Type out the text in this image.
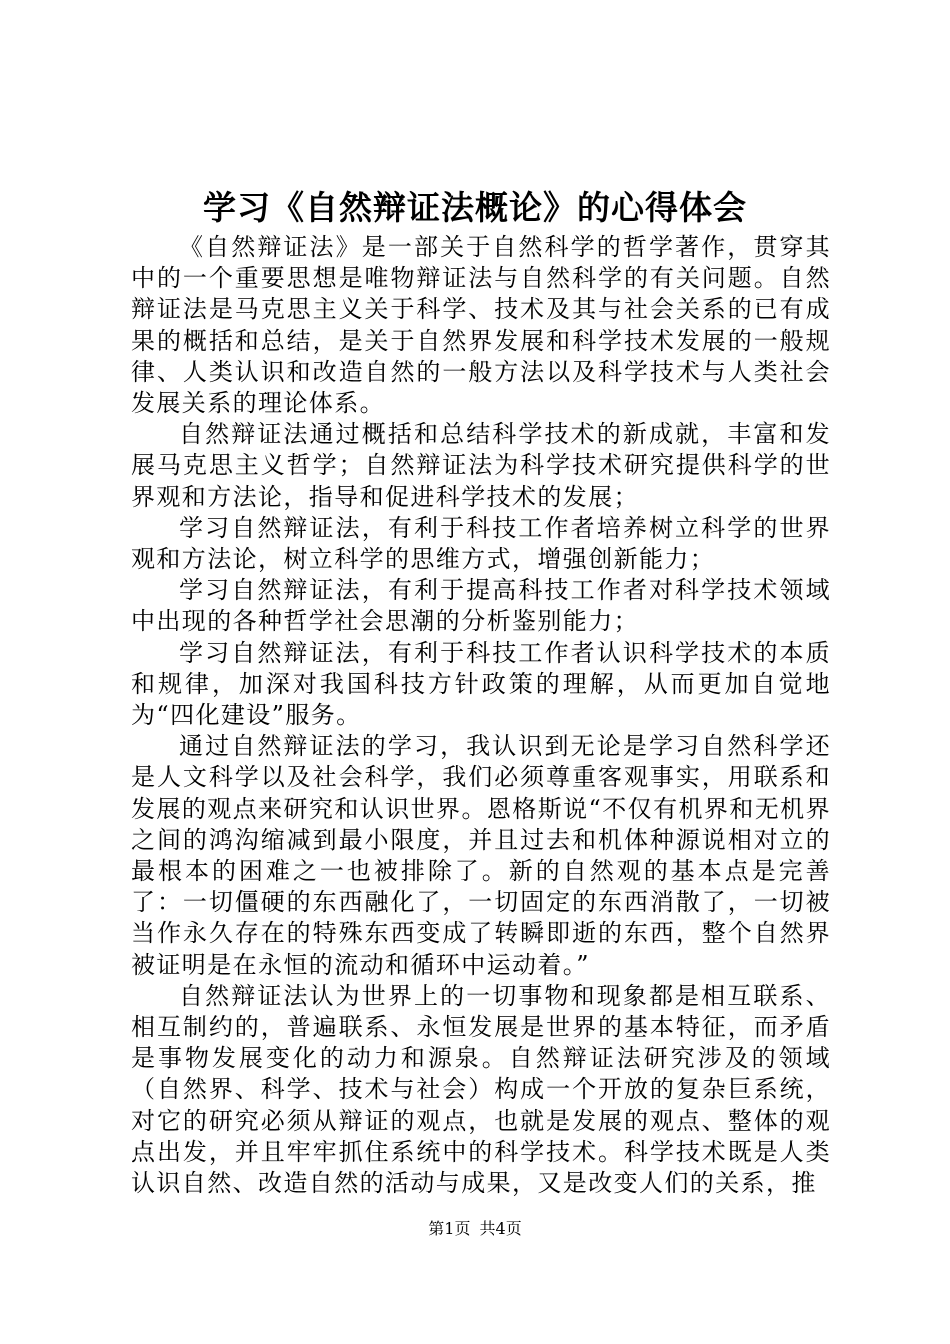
学习《自然辩证法概论》的心得体会

《自然辩证法》是一部关于自然科学的哲学著作，贯穿其中的一个重要思想是唯物辩证法与自然科学的有关问题。自然辩证法是马克思主义关于科学、技术及其与社会关系的已有成果的概括和总结，是关于自然界发展和科学技术发展的一般规律、人类认识和改造自然的一般方法以及科学技术与人类社会发展关系的理论体系。

自然辩证法通过概括和总结科学技术的新成就，丰富和发展马克思主义哲学；自然辩证法为科学技术研究提供科学的世界观和方法论，指导和促进科学技术的发展；

学习自然辩证法，有利于科技工作者培养树立科学的世界观和方法论，树立科学的思维方式，增强创新能力；

学习自然辩证法，有利于提高科技工作者对科学技术领域中出现的各种哲学社会思潮的分析鉴别能力；

学习自然辩证法，有利于科技工作者认识科学技术的本质和规律，加深对我国科技方针政策的理解，从而更加自觉地为“四化建设”服务。

通过自然辩证法的学习，我认识到无论是学习自然科学还是人文科学以及社会科学，我们必须尊重客观事实，用联系和发展的观点来研究和认识世界。恩格斯说“不仅有机界和无机界之间的鸿沟缩减到最小限度，并且过去和机体种源说相对立的最根本的困难之一也被排除了。新的自然观的基本点是完善了：一切僵硬的东西融化了，一切固定的东西消散了，一切被当作永久存在的特殊东西变成了转瞬即逝的东西，整个自然界被证明是在永恒的流动和循环中运动着。”

自然辩证法认为世界上的一切事物和现象都是相互联系、相互制约的，普遍联系、永恒发展是世界的基本特征，而矛盾是事物发展变化的动力和源泉。自然辩证法研究涉及的领域（自然界、科学、技术与社会）构成一个开放的复杂巨系统，对它的研究必须从辩证的观点，也就是发展的观点、整体的观点出发，并且牢牢抓住系统中的科学技术。科学技术既是人类认识自然、改造自然的活动与成果，又是改变人们的关系，推

第1页 共4页
